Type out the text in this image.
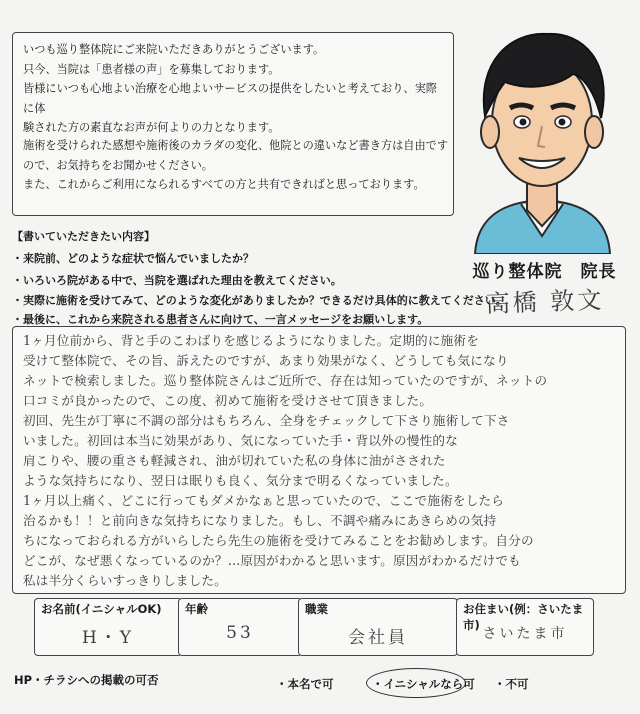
いつも巡り整体院にご来院いただきありがとうございます。
只今、当院は「患者様の声」を募集しております。
皆様にいつも心地よい治療を心地よいサービスの提供をしたいと考えており、実際に体
験された方の素直なお声が何よりの力となります。

施術を受けられた感想や施術後のカラダの変化、他院との違いなど書き方は自由です
ので、お気持ちをお聞かせください。
また、これからご利用になられるすべての方と共有できればと思っております。

巡り整体院　院長
高橋 敦文
【書いていただきたい内容】
・来院前、どのような症状で悩んでいましたか？
・いろいろ院がある中で、当院を選ばれた理由を教えてください。
・実際に施術を受けてみて、どのような変化がありましたか？できるだけ具体的に教えてください。
・最後に、これから来院される患者さんに向けて、一言メッセージをお願いします。
1ヶ月位前から、背と手のこわばりを感じるようになりました。定期的に施術を
受けて整体院で、その旨、訴えたのですが、あまり効果がなく、どうしても気になり
ネットで検索しました。巡り整体院さんはご近所で、存在は知っていたのですが、ネットの
口コミが良かったので、この度、初めて施術を受けさせて頂きました。
初回、先生が丁寧に不調の部分はもちろん、全身をチェックして下さり施術して下さ
いました。初回は本当に効果があり、気になっていた手・背以外の慢性的な
肩こりや、腰の重さも軽減され、油が切れていた私の身体に油がさされた
ような気持ちになり、翌日は眠りも良く、気分まで明るくなっていました。
1ヶ月以上痛く、どこに行ってもダメかなぁと思っていたので、ここで施術をしたら
治るかも！！と前向きな気持ちになりました。もし、不調や痛みにあきらめの気持
ちになっておられる方がいらしたら先生の施術を受けてみることをお勧めします。自分の
どこが、なぜ悪くなっているのか？…原因がわかると思います。原因がわかるだけでも
私は半分くらいすっきりしました。
お名前(イニシャルOK)
H・Y
年齢
53
職業
会社員
お住まい(例：さいたま市)
さいたま市
HP・チラシへの掲載の可否	・本名で可	・イニシャルなら可 ・不可
